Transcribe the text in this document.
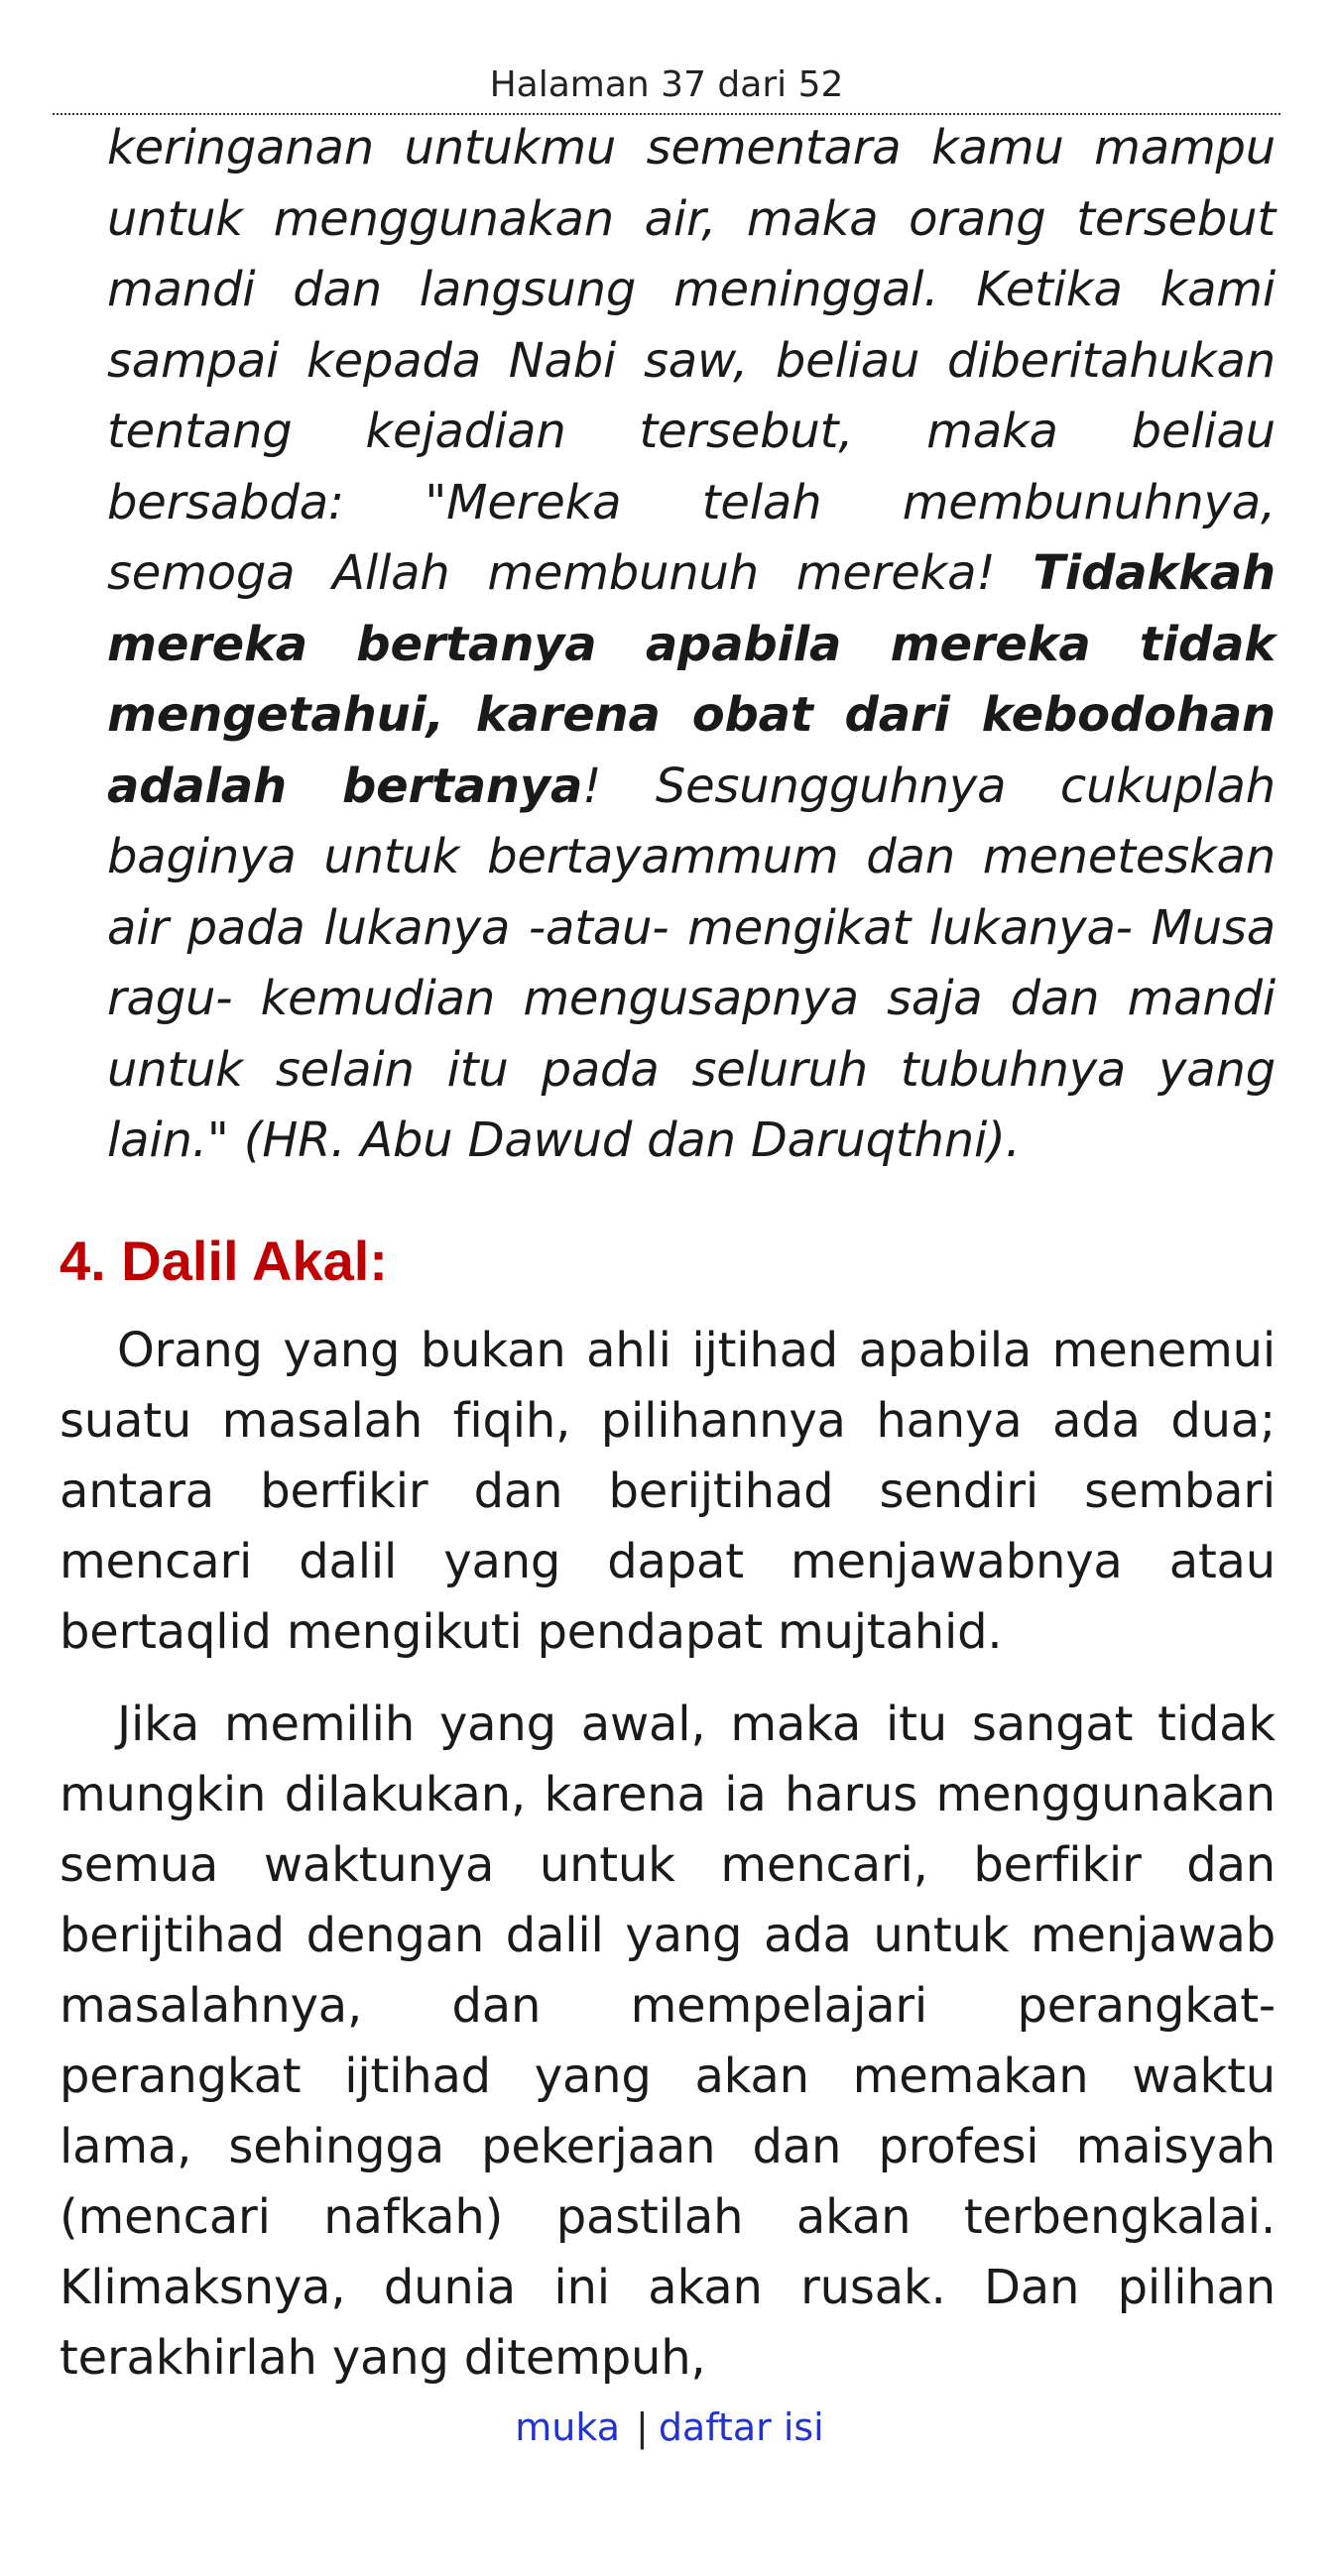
Halaman 37 dari 52

keringanan untukmu sementara kamu mampu untuk menggunakan air, maka orang tersebut mandi dan langsung meninggal. Ketika kami sampai kepada Nabi saw, beliau diberitahukan tentang kejadian tersebut, maka beliau bersabda: "Mereka telah membunuhnya, semoga Allah membunuh mereka! Tidakkah mereka bertanya apabila mereka tidak mengetahui, karena obat dari kebodohan adalah bertanya! Sesungguhnya cukuplah baginya untuk bertayammum dan meneteskan air pada lukanya -atau- mengikat lukanya- Musa ragu- kemudian mengusapnya saja dan mandi untuk selain itu pada seluruh tubuhnya yang lain." (HR. Abu Dawud dan Daruqthni).

4. Dalil Akal:

Orang yang bukan ahli ijtihad apabila menemui suatu masalah fiqih, pilihannya hanya ada dua; antara berfikir dan berijtihad sendiri sembari mencari dalil yang dapat menjawabnya atau bertaqlid mengikuti pendapat mujtahid.

Jika memilih yang awal, maka itu sangat tidak mungkin dilakukan, karena ia harus menggunakan semua waktunya untuk mencari, berfikir dan berijtihad dengan dalil yang ada untuk menjawab masalahnya, dan mempelajari perangkat-perangkat ijtihad yang akan memakan waktu lama, sehingga pekerjaan dan profesi maisyah (mencari nafkah) pastilah akan terbengkalai. Klimaksnya, dunia ini akan rusak. Dan pilihan terakhirlah yang ditempuh,

muka | daftar isi
